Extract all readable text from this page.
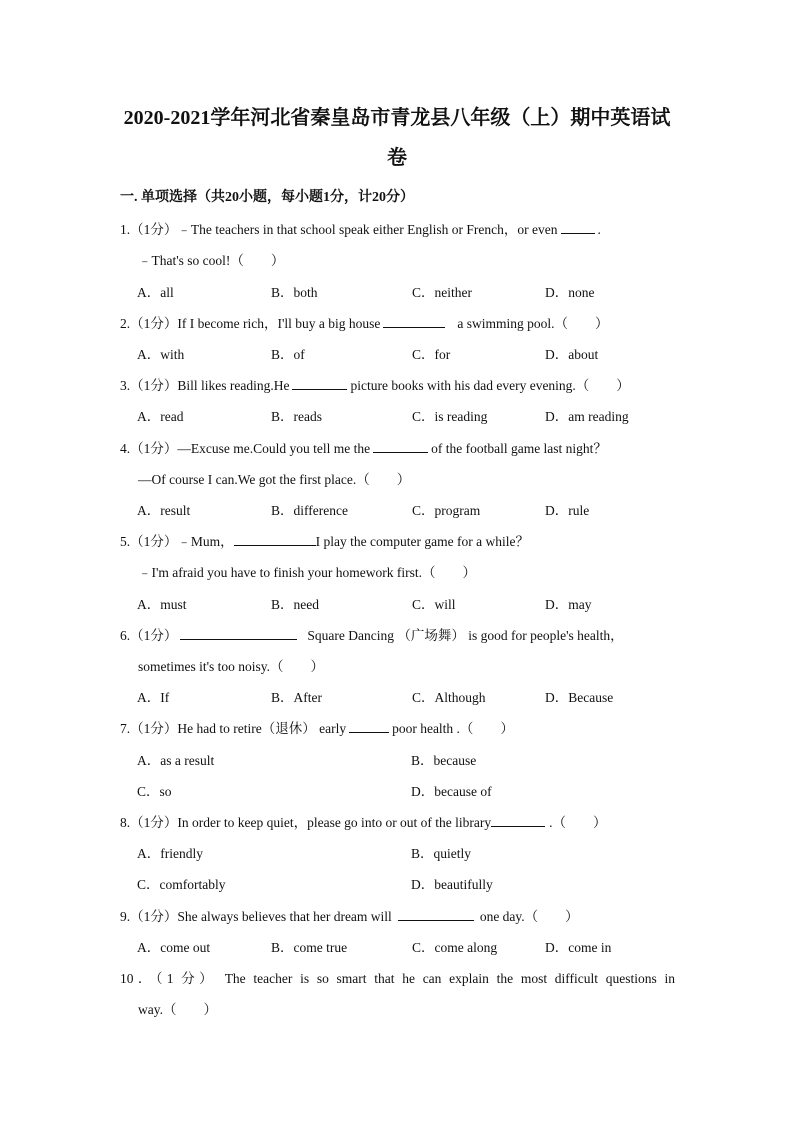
2020-2021学年河北省秦皇岛市青龙县八年级（上）期中英语试
卷
一. 单项选择（共20小题，每小题1分，计20分）
1.（1分）﹣The teachers in that school speak either English or French，or even	.
﹣That's so cool!（　　）
A．all	B．both	C．neither	D．none
2.（1分）If I become rich，I'll buy a big house	a swimming pool.（　　）
A．with	B．of	C．for	D．about
3.（1分）Bill likes reading.He	picture books with his dad every evening.（　　）
A．read	B．reads	C．is reading	D．am reading
4.（1分）—Excuse me.Could you tell me the	of the football game last night？
—Of course I can.We got the first place.（　　）
A．result	B．difference	C．program	D．rule
5.（1分）﹣Mum，	I play the computer game for a while？
﹣I'm afraid you have to finish your homework first.（　　）
A．must	B．need	C．will	D．may
6.（1分）	Square Dancing （广场舞） is good for people's health，
sometimes it's too noisy.（　　）
A．If	B．After	C．Although	D．Because
7.（1分）He had to retire（退休） early	poor health .（　　）
A．as a result	B．because
C．so	D．because of
8.（1分）In order to keep quiet，please go into or out of the library	.（　　）
A．friendly	B．quietly
C．comfortably	D．beautifully
9.（1分）She always believes that her dream will	one day.（　　）
A．come out	B．come true	C．come along	D．come in
10．（1 分） The teacher is so smart that he can explain the most difficult questions in
way.（　　）
